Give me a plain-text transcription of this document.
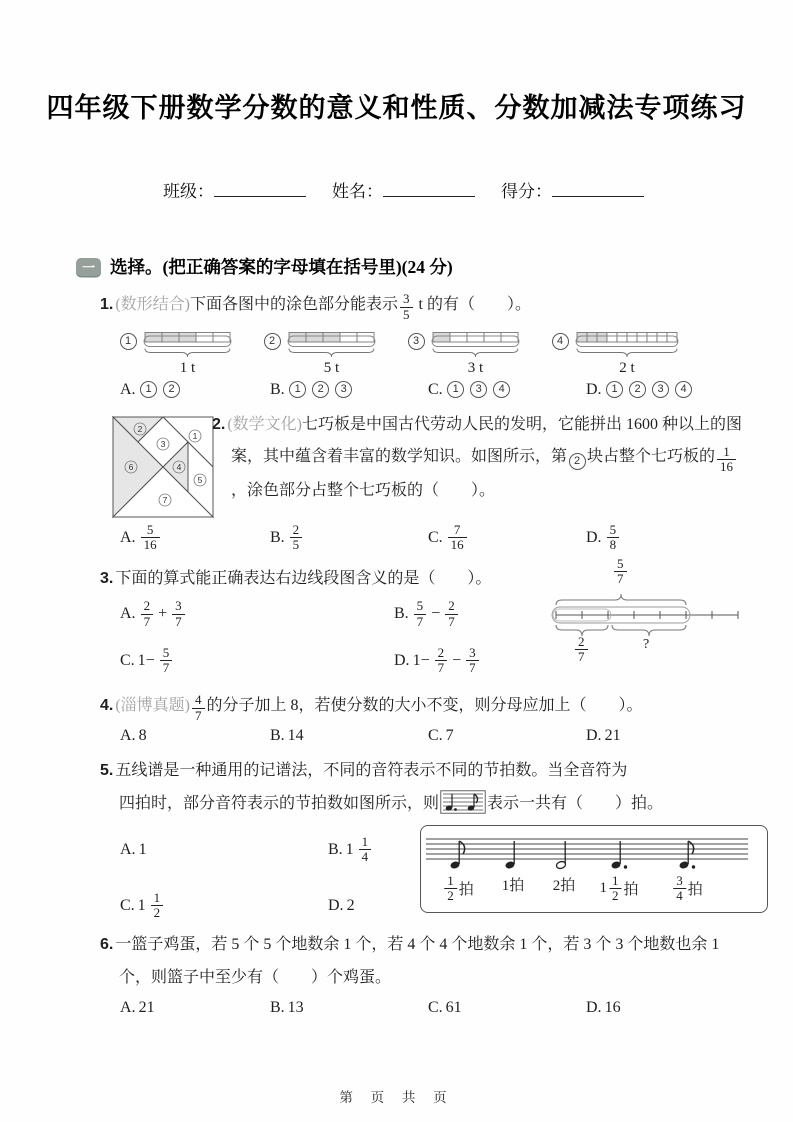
四年级下册数学分数的意义和性质、分数加减法专项练习
班级：	姓名：	得分：
一 选择。(把正确答案的字母填在括号里)(24 分)

1. (数形结合)下面各图中的涂色部分能表示 $\frac{3}{5}$ t 的有（　　）。

1
1 t
2
5 t
3
3 t
4
2 t
A. 1	2	B. 1	2	3	C. 1	3	4	D. 1	2	3	4
2.
1
2
3
4
5
6
7
(数学文化)七巧板是中国古代劳动人民的发明，它能拼出 1600 种以上的图案，其中蕴含着丰富的数学知识。如图所示，第 2 块占整个七巧板的 $\frac{1}{16}$
，涂色部分占整个七巧板的（　　）。
A. $\frac{5}{16}$	B. $\frac{2}{5}$	C. $\frac{7}{16}$	D. $\frac{5}{8}$

3. 下面的算式能正确表达右边线段图含义的是（　　）。	$\frac{5}{7}$
$\frac{2}{7}$	?
A. $\frac{2}{7} + \frac{3}{7}$	B. $\frac{5}{7} - \frac{2}{7}$
C. $1- \frac{5}{7}$	D. $1- \frac{2}{7} - \frac{3}{7}$

4. (淄博真题) $\frac{4}{7}$ 的分子加上 8，若使分数的大小不变，则分母应加上（　　）。

A. 8	B. 14	C. 7	D. 21

5. 五线谱是一种通用的记谱法，不同的音符表示不同的节拍数。当全音符为
四拍时，部分音符表示的节拍数如图所示，则	表示一共有（　　）拍。

A. 1	B. $1 \frac{1}{4}$
C. $1 \frac{1}{2}$	D. 2
$\frac{1}{2}$ 拍 1拍 2拍 $1 \frac{1}{2}$ 拍	$\frac{3}{4}$ 拍

6. 一篮子鸡蛋，若 5 个 5 个地数余 1 个，若 4 个 4 个地数余 1 个，若 3 个 3 个地数也余 1 个，则篮子中至少有（　　）个鸡蛋。

A. 21	B. 13	C. 61	D. 16
第 页 共 页
